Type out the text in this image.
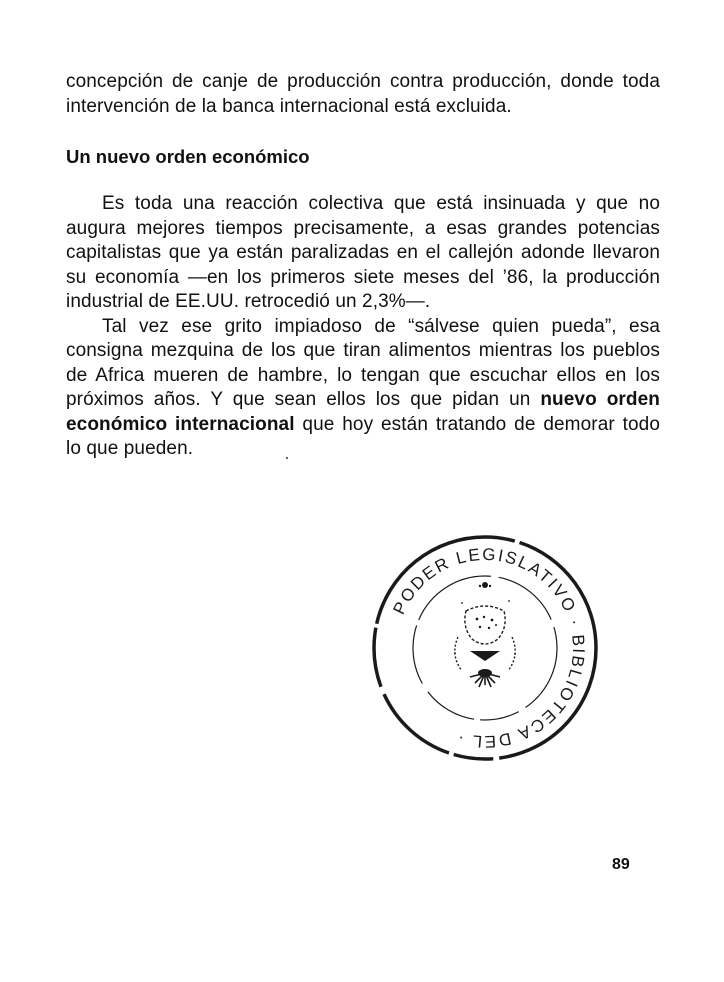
concepción de canje de producción contra producción, donde toda intervención de la banca internacional está excluida.

Un nuevo orden económico

Es toda una reacción colectiva que está insinuada y que no augura mejores tiempos precisamente, a esas grandes potencias capitalistas que ya están paralizadas en el callejón adonde llevaron su economía —en los primeros siete meses del ’86, la producción industrial de EE.UU. retrocedió un 2,3%—.

Tal vez ese grito impiadoso de “sálvese quien pueda”, esa consigna mezquina de los que tiran alimentos mientras los pueblos de Africa mueren de hambre, lo tengan que escuchar ellos en los próximos años. Y que sean ellos los que pidan un nuevo orden económico internacional que hoy están tratando de demorar todo lo que pueden.

PODER LEGISLATIVO · BIBLIOTECA DEL ·
89
